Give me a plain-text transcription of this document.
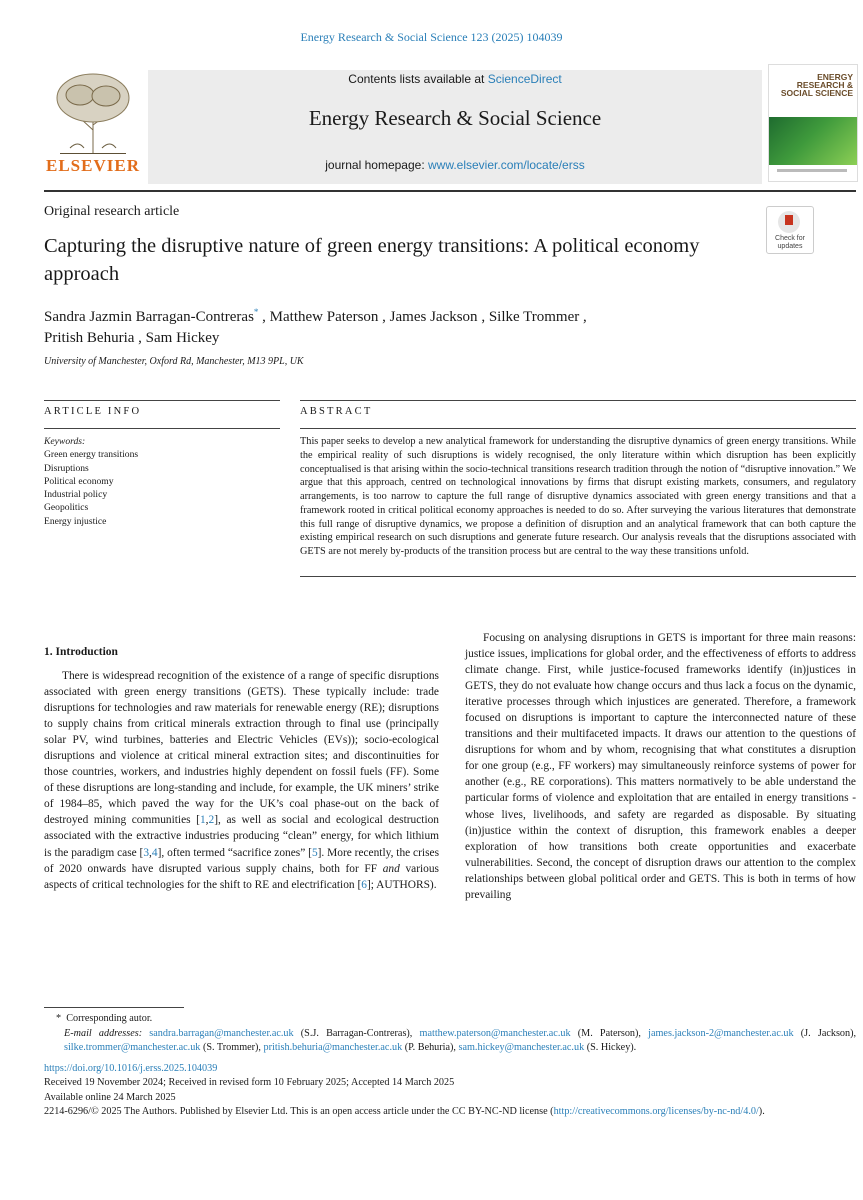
Energy Research & Social Science 123 (2025) 104039
ELSEVIER
Contents lists available at ScienceDirect
Energy Research & Social Science
journal homepage: www.elsevier.com/locate/erss
ENERGY RESEARCH & SOCIAL SCIENCE
Original research article
Check for updates
Capturing the disruptive nature of green energy transitions: A political economy approach
Sandra Jazmin Barragan-Contreras* , Matthew Paterson , James Jackson , Silke Trommer ,
Pritish Behuria , Sam Hickey
University of Manchester, Oxford Rd, Manchester, M13 9PL, UK
ARTICLE INFO	ABSTRACT
Keywords:
Green energy transitions
Disruptions
Political economy
Industrial policy
Geopolitics
Energy injustice
This paper seeks to develop a new analytical framework for understanding the disruptive dynamics of green energy transitions. While the empirical reality of such disruptions is widely recognised, the only literature within which disruption has been explicitly conceptualised is that arising within the socio-technical transitions research tradition through the notion of “disruptive innovation.” We argue that this approach, centred on technological innovations by firms that disrupt existing markets, consumers, and regulatory arrangements, is too narrow to capture the full range of disruptive dynamics associated with green energy transitions and that a framework rooted in critical political economy approaches is needed to do so. After surveying the various literatures that demonstrate this full range of disruptive dynamics, we propose a definition of disruption and an analytical framework that can both capture the existing empirical research on such disruptions and generate future research. Our analysis reveals that the disruptions associated with GETS are not merely by-products of the transition process but are central to the way these transitions unfold.
1. Introduction
There is widespread recognition of the existence of a range of specific disruptions associated with green energy transitions (GETS). These typically include: trade disruptions for technologies and raw materials for renewable energy (RE); disruptions to supply chains from critical minerals extraction through to final use (principally solar PV, wind turbines, batteries and Electric Vehicles (EVs)); socio-ecological disruptions and violence at critical mineral extraction sites; and discontinuities for those countries, workers, and industries highly dependent on fossil fuels (FF). Some of these disruptions are long-standing and include, for example, the UK miners’ strike of 1984–85, which paved the way for the UK’s coal phase-out on the back of destroyed mining communities [1,2], as well as social and ecological destruction associated with the extractive industries producing “clean” energy, for which lithium is the paradigm case [3,4], often termed “sacrifice zones” [5]. More recently, the crises of 2020 onwards have disrupted various supply chains, both for FF and various aspects of critical technologies for the shift to RE and electrification [6]; AUTHORS).
Focusing on analysing disruptions in GETS is important for three main reasons: justice issues, implications for global order, and the effectiveness of efforts to address climate change. First, while justice-focused frameworks identify (in)justices in GETS, they do not evaluate how change occurs and thus lack a focus on the dynamic, iterative processes through which injustices are generated. Therefore, a framework focused on disruptions is important to capture the interconnected nature of these transitions and their multifaceted impacts. It draws our attention to the questions of disruptions for whom and by whom, recognising that what constitutes a disruption for one group (e.g., FF workers) may simultaneously reinforce systems of power for another (e.g., RE corporations). This matters normatively to be able understand the particular forms of violence and exploitation that are entailed in energy transitions - whose lives, livelihoods, and safety are regarded as disposable. By situating (in)justice within the context of disruption, this framework enables a deeper exploration of how transitions both create opportunities and exacerbate vulnerabilities. Second, the concept of disruption draws our attention to the complex relationships between global political order and GETS. This is both in terms of how prevailing

*  Corresponding autor.

E-mail addresses: sandra.barragan@manchester.ac.uk (S.J. Barragan-Contreras), matthew.paterson@manchester.ac.uk (M. Paterson), james.jackson-2@manchester.ac.uk (J. Jackson), silke.trommer@manchester.ac.uk (S. Trommer), pritish.behuria@manchester.ac.uk (P. Behuria), sam.hickey@manchester.ac.uk (S. Hickey).

https://doi.org/10.1016/j.erss.2025.104039

Received 19 November 2024; Received in revised form 10 February 2025; Accepted 14 March 2025

Available online 24 March 2025

2214-6296/© 2025 The Authors. Published by Elsevier Ltd. This is an open access article under the CC BY-NC-ND license (http://creativecommons.org/licenses/by-nc-nd/4.0/).
